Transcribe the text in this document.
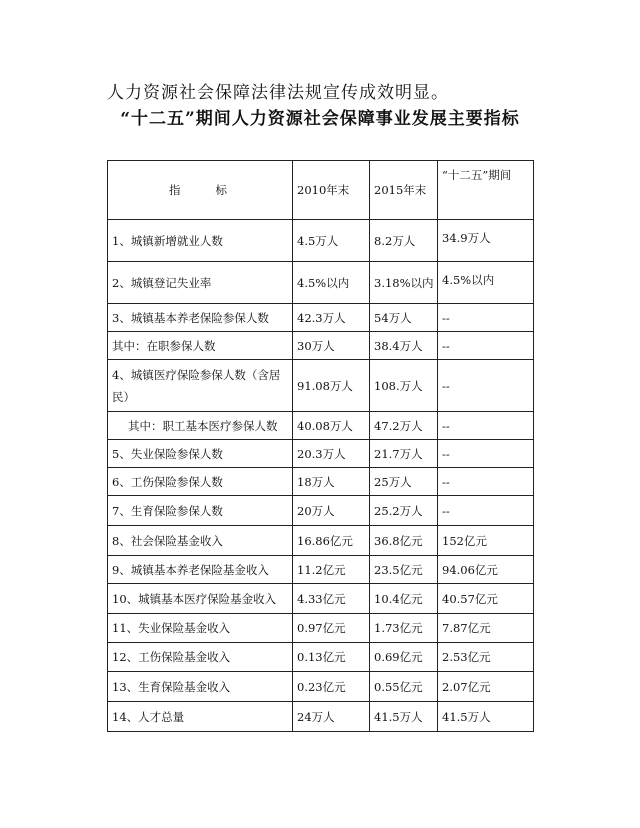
人力资源社会保障法律法规宣传成效明显。
“十二五”期间人力资源社会保障事业发展主要指标
指　　标	2010年末	2015年末	“十二五”期间
1、城镇新增就业人数	4.5万人	8.2万人	34.9万人
2、城镇登记失业率	4.5%以内	3.18%以内	4.5%以内
3、城镇基本养老保险参保人数	42.3万人	54万人	--
其中：在职参保人数	30万人	38.4万人	--
4、城镇医疗保险参保人数（含居民）	91.08万人	108.万人	--
其中：职工基本医疗参保人数	40.08万人	47.2万人	--
5、失业保险参保人数	20.3万人	21.7万人	--
6、工伤保险参保人数	18万人	25万人	--
7、生育保险参保人数	20万人	25.2万人	--
8、社会保险基金收入	16.86亿元	36.8亿元	152亿元
9、城镇基本养老保险基金收入	11.2亿元	23.5亿元	94.06亿元
10、城镇基本医疗保险基金收入	4.33亿元	10.4亿元	40.57亿元
11、失业保险基金收入	0.97亿元	1.73亿元	7.87亿元
12、工伤保险基金收入	0.13亿元	0.69亿元	2.53亿元
13、生育保险基金收入	0.23亿元	0.55亿元	2.07亿元
14、人才总量	24万人	41.5万人	41.5万人
